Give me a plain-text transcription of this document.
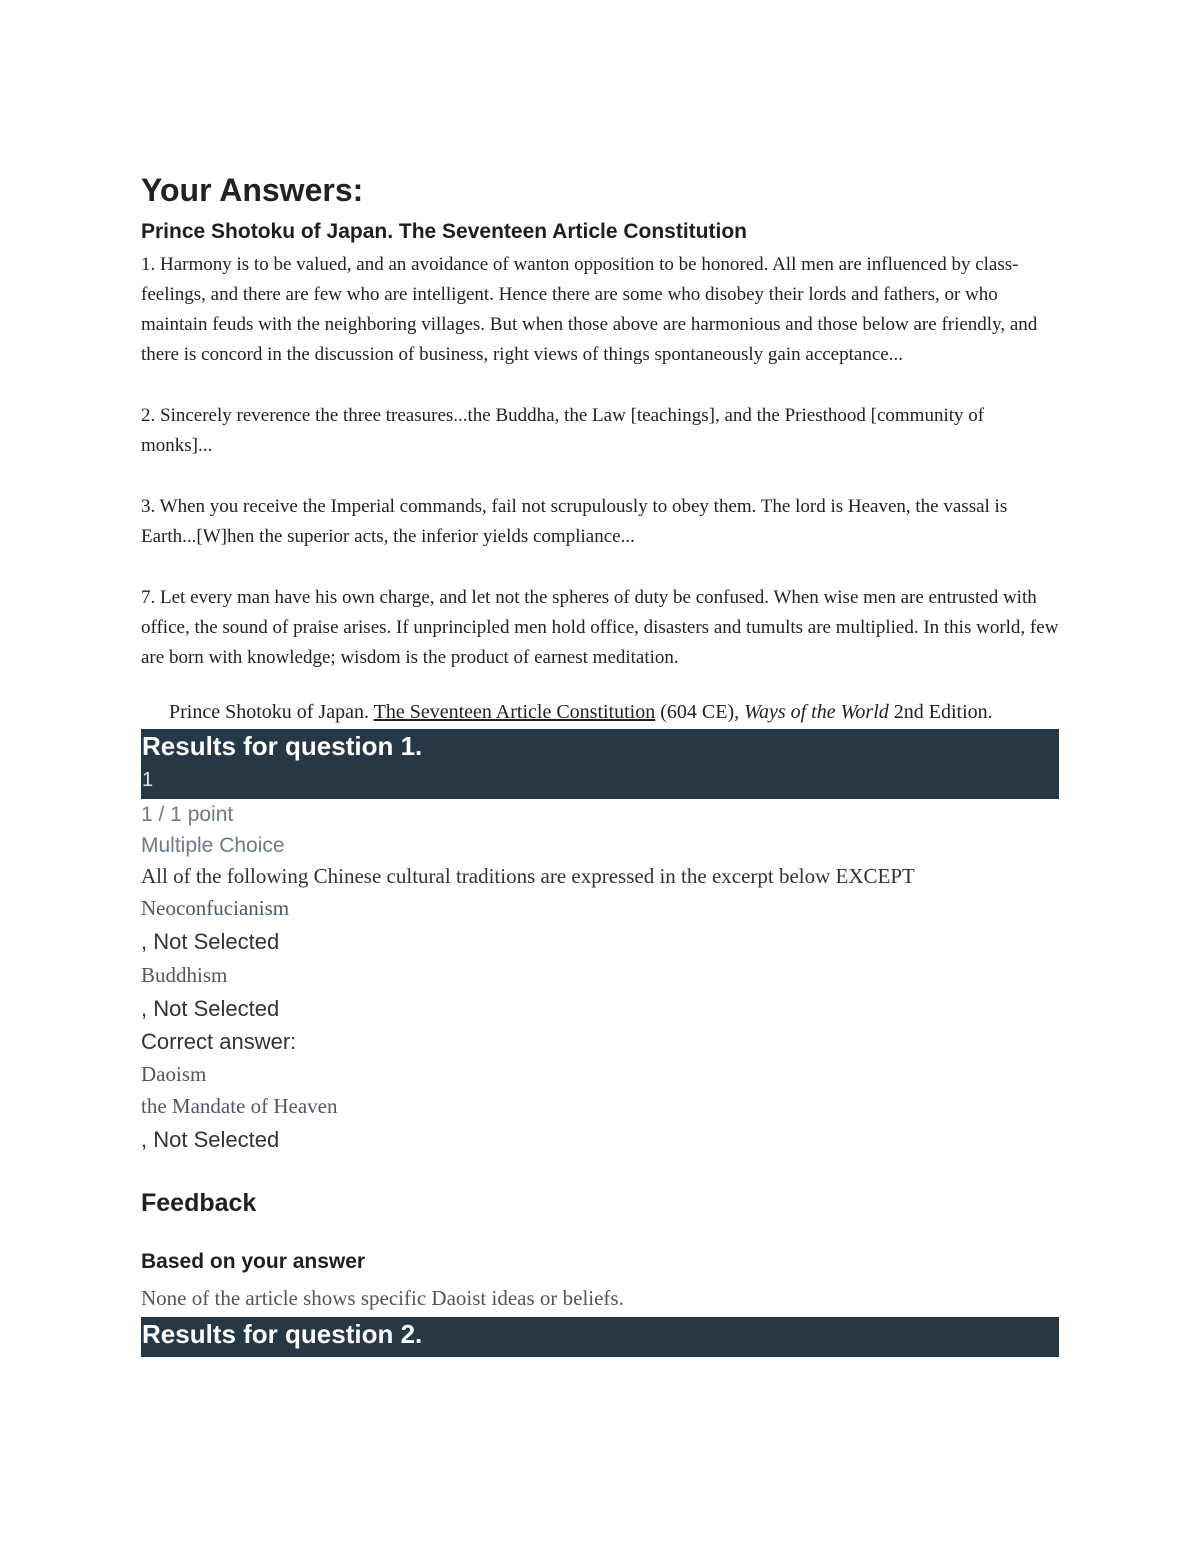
Your Answers:
Prince Shotoku of Japan. The Seventeen Article Constitution

1. Harmony is to be valued, and an avoidance of wanton opposition to be honored. All men are influenced by class-feelings, and there are few who are intelligent. Hence there are some who disobey their lords and fathers, or who maintain feuds with the neighboring villages. But when those above are harmonious and those below are friendly, and there is concord in the discussion of business, right views of things spontaneously gain acceptance...

2. Sincerely reverence the three treasures...the Buddha, the Law [teachings], and the Priesthood [community of monks]...

3. When you receive the Imperial commands, fail not scrupulously to obey them. The lord is Heaven, the vassal is Earth...[W]hen the superior acts, the inferior yields compliance...

7. Let every man have his own charge, and let not the spheres of duty be confused. When wise men are entrusted with office, the sound of praise arises. If unprincipled men hold office, disasters and tumults are multiplied. In this world, few are born with knowledge; wisdom is the product of earnest meditation.

Prince Shotoku of Japan. The Seventeen Article Constitution (604 CE), Ways of the World 2nd Edition.
Results for question 1.
1
1 / 1 point
Multiple Choice
All of the following Chinese cultural traditions are expressed in the excerpt below EXCEPT
Neoconfucianism
, Not Selected
Buddhism
, Not Selected
Correct answer:
Daoism
the Mandate of Heaven
, Not Selected
Feedback
Based on your answer
None of the article shows specific Daoist ideas or beliefs.
Results for question 2.
